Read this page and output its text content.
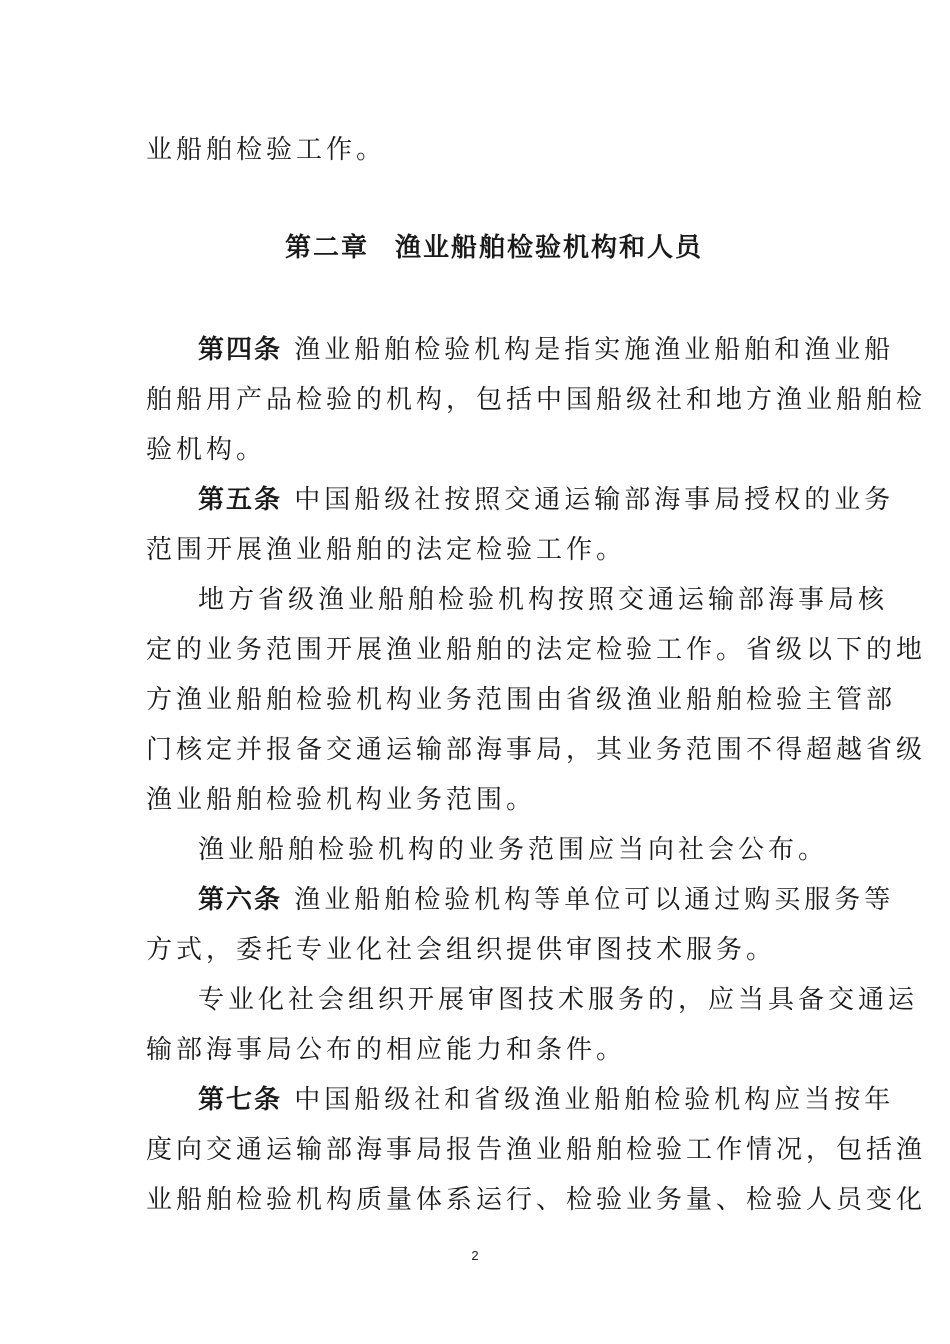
业船舶检验工作。
第二章 渔业船舶检验机构和人员
第四条 渔业船舶检验机构是指实施渔业船舶和渔业船
舶船用产品检验的机构，包括中国船级社和地方渔业船舶检
验机构。
第五条 中国船级社按照交通运输部海事局授权的业务
范围开展渔业船舶的法定检验工作。
地方省级渔业船舶检验机构按照交通运输部海事局核
定的业务范围开展渔业船舶的法定检验工作。省级以下的地
方渔业船舶检验机构业务范围由省级渔业船舶检验主管部
门核定并报备交通运输部海事局，其业务范围不得超越省级
渔业船舶检验机构业务范围。
渔业船舶检验机构的业务范围应当向社会公布。
第六条 渔业船舶检验机构等单位可以通过购买服务等
方式，委托专业化社会组织提供审图技术服务。
专业化社会组织开展审图技术服务的，应当具备交通运
输部海事局公布的相应能力和条件。
第七条 中国船级社和省级渔业船舶检验机构应当按年
度向交通运输部海事局报告渔业船舶检验工作情况，包括渔
业船舶检验机构质量体系运行、检验业务量、检验人员变化
2
